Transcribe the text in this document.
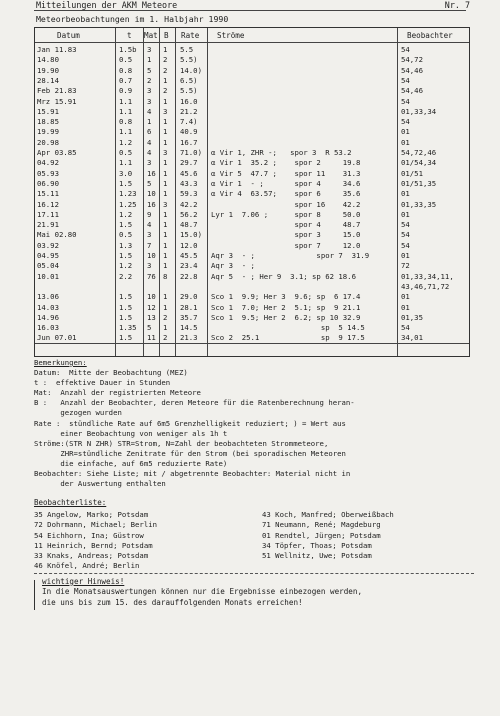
Mitteilungen der AKM Meteore	Nr. 7
Meteorbeobachtungen im 1. Halbjahr 1990
Datum	t Mat B Rate Ströme	Beobachter
Jan 11.83	1.5b 3 1 5.5	54
14.80	0.5 1 2 5.5)	54,72
19.90	0.8 5 2 14.0)	54,46
28.14	0.7 2 1 6.5)	54
Feb 21.83	0.9 3 2 5.5)	54,46
Mrz 15.91	1.1 3 1 16.0	54
15.91	1.1 4 3 21.2	01,33,34
18.85	0.8 1 1 7.4)	54
19.99	1.1 6 1 40.9	01
20.98	1.2 4 1 16.7	01
Apr 03.85	0.5 4 3 71.0) α Vir 1, ZHR -;   spor 3  R 53.2	54,72,46
04.92	1.1 3 1 29.7 α Vir 1  35.2 ;    spor 2     19.8	01/54,34
05.93	3.0 16 1 45.6 α Vir 5  47.7 ;    spor 11    31.3	01/51
06.90	1.5 5 1 43.3 α Vir 1  - ;       spor 4     34.6	01/51,35
15.11	1.23 10 1 59.3 α Vir 4  63.57;    spor 6     35.6	01
16.12	1.25 16 3 42.2 spor 16    42.2	01,33,35
17.11	1.2 9 1 56.2 Lyr 1  7.06 ;      spor 8     50.0	01
21.91	1.5 4 1 48.7 spor 4     48.7	54
Mai 02.80	0.5 3 1 15.0) spor 3     15.0	54
03.92	1.3 7 1 12.0 spor 7     12.0	54
04.95	1.5 10 1 45.5 Aqr 3  - ;              spor 7  31.9	01
05.04	1.2 3 1 23.4 Aqr 3  - ;	72
10.01	2.2 76 8 22.8 Aqr 5  - ; Her 9  3.1; sp 62 18.6	01,33,34,11,
43,46,71,72
13.06	1.5 10 1 29.0 Sco 1  9.9; Her 3  9.6; sp  6 17.4	01
14.03	1.5 12 1 28.1 Sco 1  7.0; Her 2  5.1; sp  9 21.1	01
14.96	1.5 13 2 35.7 Sco 1  9.5; Her 2  6.2; sp 10 32.9	01,35
16.03	1.35 5 1 14.5 sp  5 14.5	54
Jun 07.01	1.5 11 2 21.3 Sco 2  25.1              sp  9 17.5	34,01

Bemerkungen:

Datum:  Mitte der Beobachtung (MEZ)

t :  effektive Dauer in Stunden

Mat:  Anzahl der registrierten Meteore

B :   Anzahl der Beobachter, deren Meteore für die Ratenberechnung heran-

gezogen wurden

Rate :  stündliche Rate auf 6m5 Grenzhelligkeit reduziert; ) = Wert aus

einer Beobachtung von weniger als 1h t

Ströme:(STR N ZHR) STR=Strom, N=Zahl der beobachteten Strommeteore,

ZHR=stündliche Zenitrate für den Strom (bei sporadischen Meteoren

die einfache, auf 6m5 reduzierte Rate)

Beobachter: Siehe Liste; mit / abgetrennte Beobachter: Material nicht in

der Auswertung enthalten

Beobachterliste:
35 Angelow, Marko; Potsdam
72 Dohrmann, Michael; Berlin
54 Eichhorn, Ina; Güstrow
11 Heinrich, Bernd; Potsdam
33 Knaks, Andreas; Potsdam
46 Knöfel, André; Berlin
43 Koch, Manfred; Oberweißbach
71 Neumann, René; Magdeburg
01 Rendtel, Jürgen; Potsdam
34 Töpfer, Thoas; Potsdam
51 Wellnitz, Uwe; Potsdam
wichtiger Hinweis!
In die Monatsauswertungen können nur die Ergebnisse einbezogen werden,
die uns bis zum 15. des darauffolgenden Monats erreichen!
